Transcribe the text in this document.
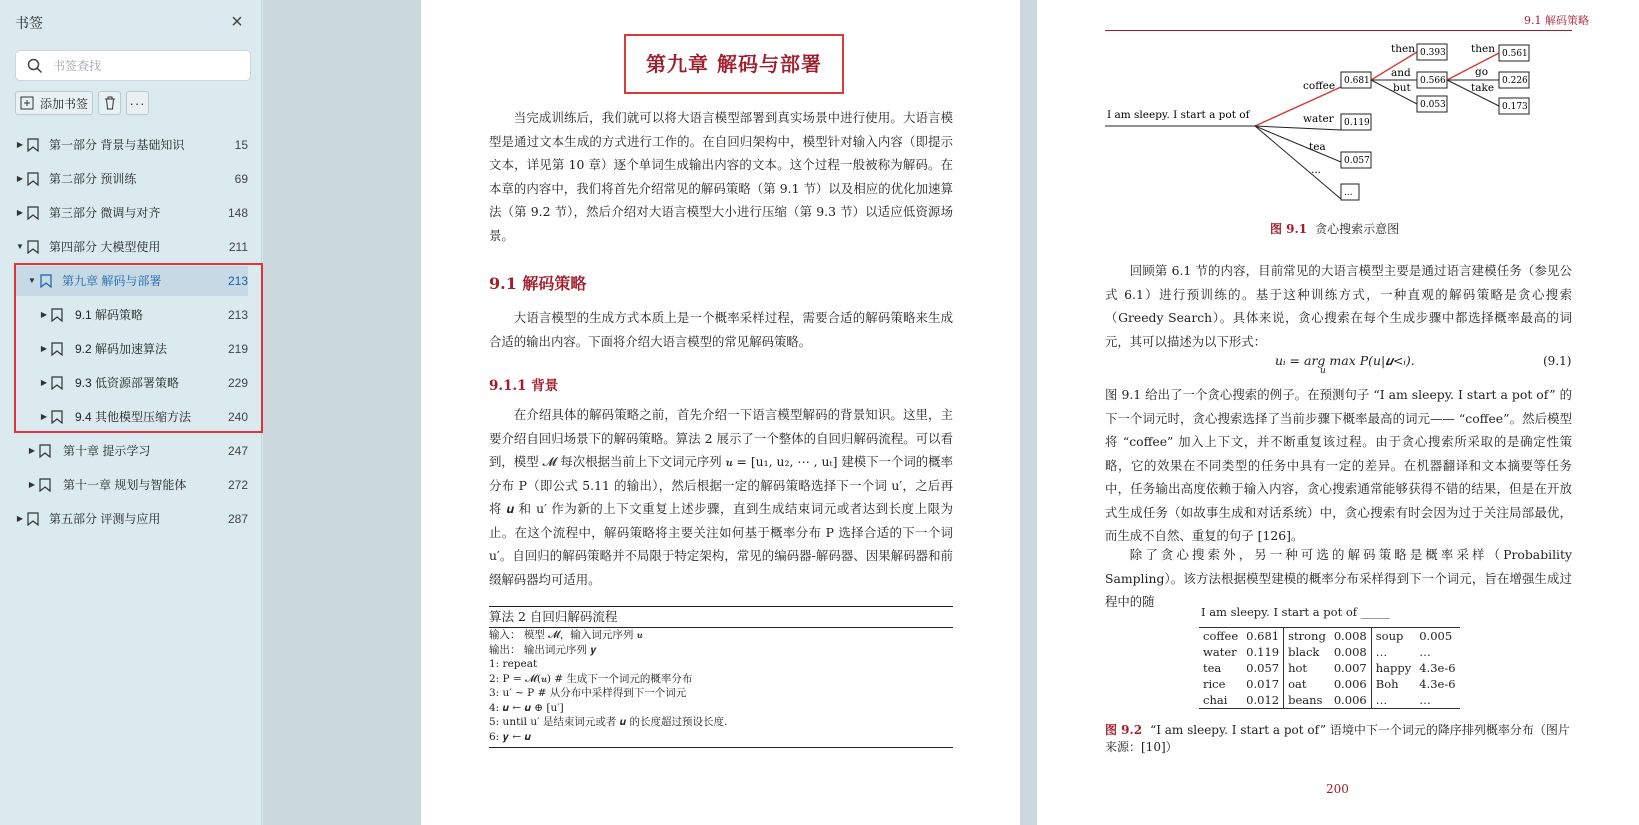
书签	×
书签查找
添加书签	···
▶ 第一部分 背景与基础知识	15
▶ 第二部分 预训练	69
▶ 第三部分 微调与对齐	148
▼ 第四部分 大模型使用	211
▼ 第九章 解码与部署	213
▶ 9.1 解码策略	213
▶ 9.2 解码加速算法	219
▶ 9.3 低资源部署策略	229
▶ 9.4 其他模型压缩方法	240
▶ 第十章 提示学习	247
▶ 第十一章 规划与智能体	272
▶ 第五部分 评测与应用	287
第九章 解码与部署
当完成训练后，我们就可以将大语言模型部署到真实场景中进行使用。大语言模型是通过文本生成的方式进行工作的。在自回归架构中，模型针对输入内容（即提示文本，详见第 10 章）逐个单词生成输出内容的文本。这个过程一般被称为解码。在本章的内容中，我们将首先介绍常见的解码策略（第 9.1 节）以及相应的优化加速算法（第 9.2 节），然后介绍对大语言模型大小进行压缩（第 9.3 节）以适应低资源场景。
9.1 解码策略
大语言模型的生成方式本质上是一个概率采样过程，需要合适的解码策略来生成合适的输出内容。下面将介绍大语言模型的常见解码策略。
9.1.1 背景
在介绍具体的解码策略之前，首先介绍一下语言模型解码的背景知识。这里，主要介绍自回归场景下的解码策略。算法 2 展示了一个整体的自回归解码流程。可以看到，模型 𝓜 每次根据当前上下文词元序列 𝒖 = [u₁, u₂, ⋯ , uₜ] 建模下一个词的概率分布 P（即公式 5.11 的输出），然后根据一定的解码策略选择下一个词 u′，之后再将 𝒖 和 u′ 作为新的上下文重复上述步骤，直到生成结束词元或者达到长度上限为止。在这个流程中，解码策略将主要关注如何基于概率分布 P 选择合适的下一个词 u′。自回归的解码策略并不局限于特定架构，常见的编码器-解码器、因果解码器和前缀解码器均可适用。
算法 2 自回归解码流程
输入： 模型 𝓜，输入词元序列 𝒖
输出： 输出词元序列 𝒚
1: repeat
2: P = 𝓜(𝒖) # 生成下一个词元的概率分布
3: u′ ∼ P # 从分布中采样得到下一个词元
4: 𝒖 ← 𝒖 ⊕ [u′]
5: until u′ 是结束词元或者 𝒖 的长度超过预设长度.
6: 𝒚 ← 𝒖
9.1 解码策略
I am sleepy. I start a pot of
coffee
water
tea
...
0.681
0.119
0.057
...
then
and
but
0.393
0.566
0.053
then
go
take
0.561
0.226
0.173
图 9.1 贪心搜索示意图
回顾第 6.1 节的内容，目前常见的大语言模型主要是通过语言建模任务（参见公式 6.1）进行预训练的。基于这种训练方式，一种直观的解码策略是贪心搜索（Greedy Search）。具体来说，贪心搜索在每个生成步骤中都选择概率最高的词元，其可以描述为以下形式：
uᵢ = arg max P(u|𝒖<ᵢ).
u
(9.1)
图 9.1 给出了一个贪心搜索的例子。在预测句子 “I am sleepy. I start a pot of” 的下一个词元时，贪心搜索选择了当前步骤下概率最高的词元—— “coffee”。然后模型将 “coffee” 加入上下文，并不断重复该过程。由于贪心搜索所采取的是确定性策略，它的效果在不同类型的任务中具有一定的差异。在机器翻译和文本摘要等任务中，任务输出高度依赖于输入内容，贪心搜索通常能够获得不错的结果，但是在开放式生成任务（如故事生成和对话系统）中，贪心搜索有时会因为过于关注局部最优，而生成不自然、重复的句子 [126]。
除了贪心搜索外，另一种可选的解码策略是概率采样（Probability Sampling）。该方法根据模型建模的概率分布采样得到下一个词元，旨在增强生成过程中的随
I am sleepy. I start a pot of _____
coffee	0.681	strong	0.008	soup	0.005
water	0.119	black	0.008	…	…
tea	0.057	hot	0.007	happy	4.3e-6
rice	0.017	oat	0.006	Boh	4.3e-6
chai	0.012	beans	0.006	…	…
图 9.2 “I am sleepy. I start a pot of” 语境中下一个词元的降序排列概率分布（图片来源：[10]）
200
